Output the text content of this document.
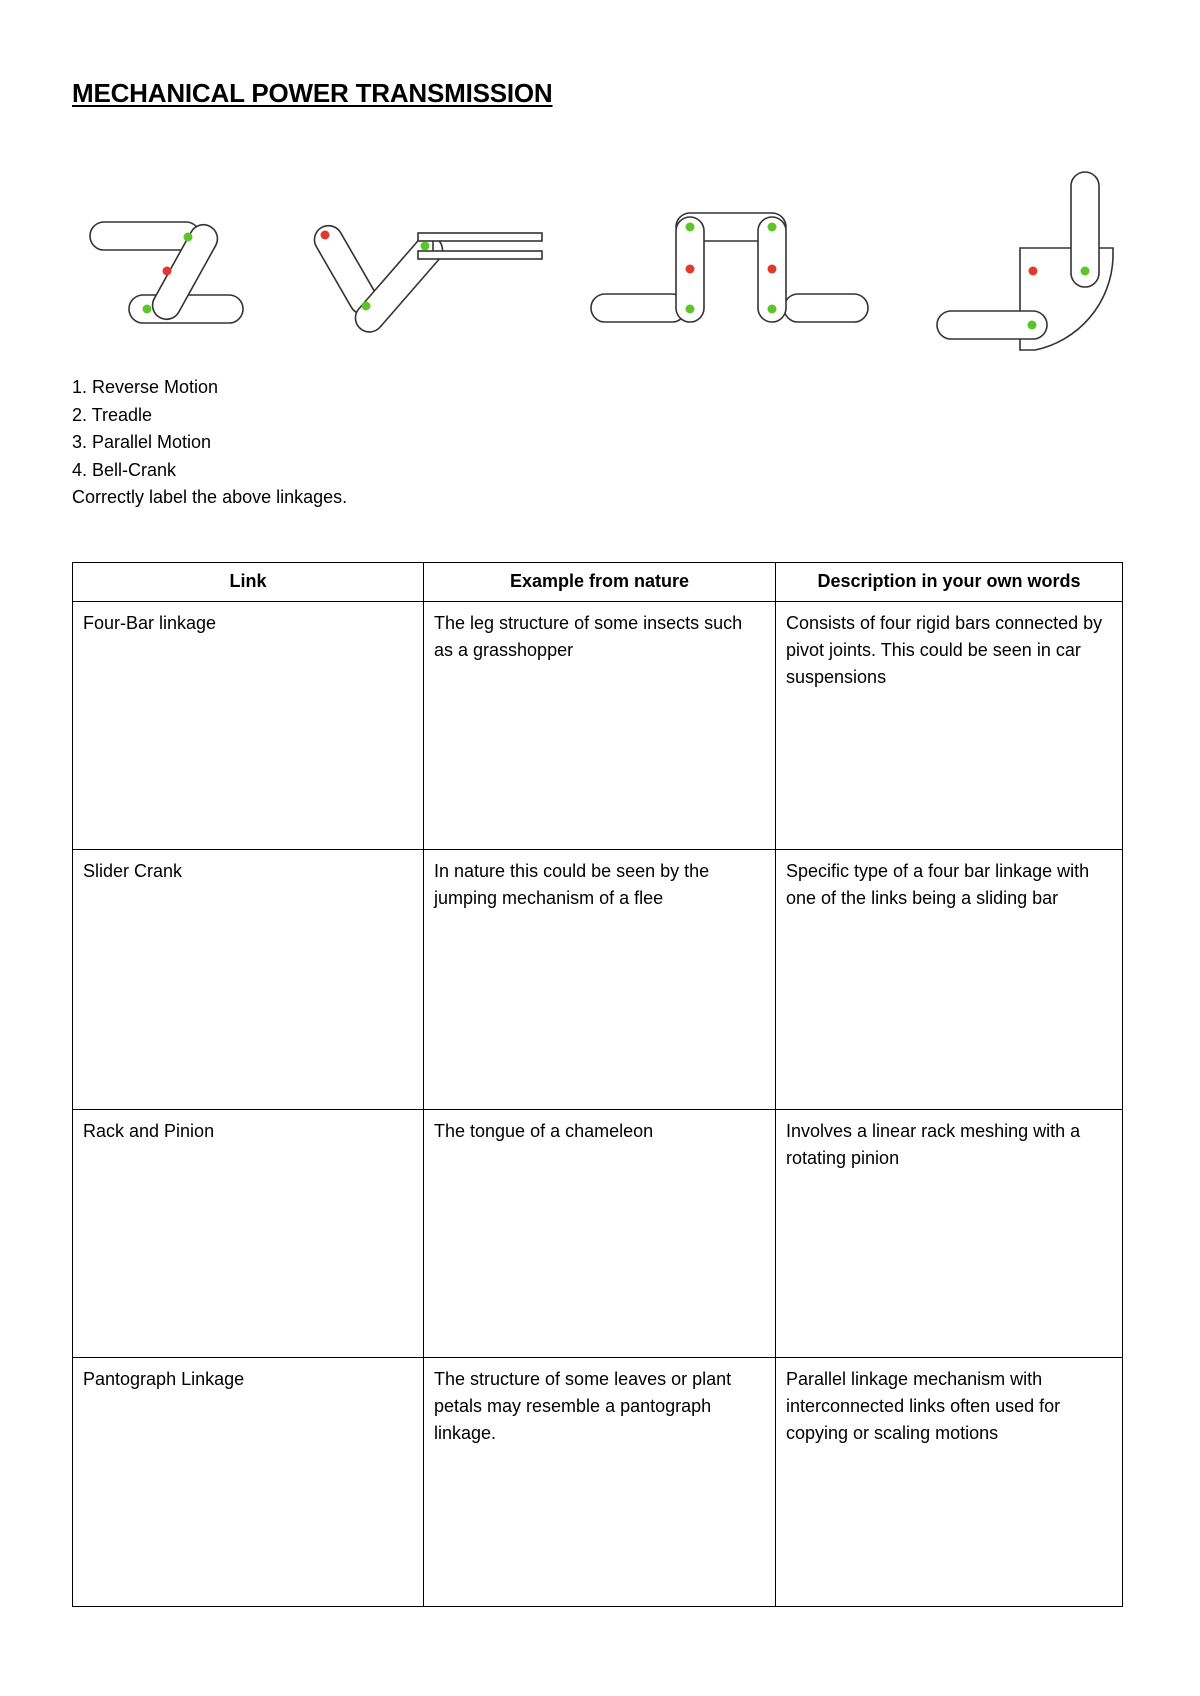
MECHANICAL POWER TRANSMISSION
1. Reverse Motion
2. Treadle
3. Parallel Motion
4. Bell-Crank
Correctly label the above linkages.
Link	Example from nature	Description in your own words
Four-Bar linkage	The leg structure of some insects such as a grasshopper	Consists of four rigid bars connected by pivot joints. This could be seen in car suspensions
Slider Crank	In nature this could be seen by the jumping mechanism of a flee	Specific type of a four bar linkage with one of the links being a sliding bar
Rack and Pinion	The tongue of a chameleon	Involves a linear rack meshing with a rotating pinion
Pantograph Linkage	The structure of some leaves or plant petals may resemble a pantograph linkage.	Parallel linkage mechanism with interconnected links often used for copying or scaling motions
